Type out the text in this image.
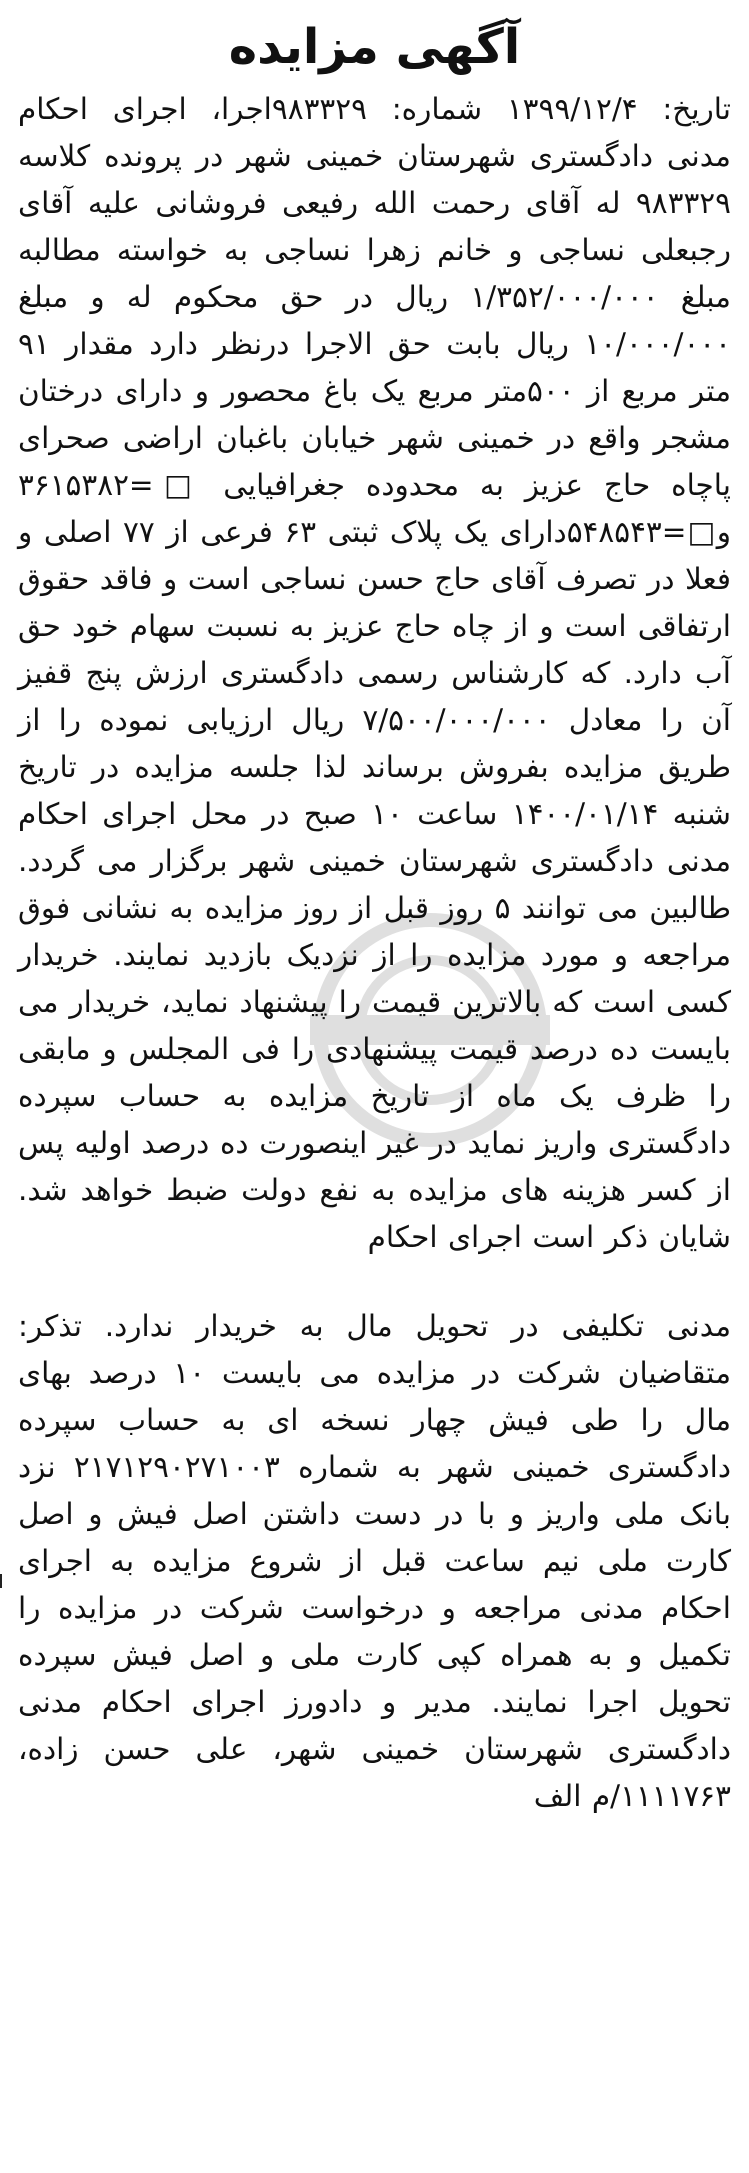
آگهی مزایده

تاریخ: ۱۳۹۹/۱۲/۴ شماره: ۹۸۳۳۲۹اجرا، اجرای احکام مدنی دادگستری شهرستان خمینی شهر در پرونده کلاسه ۹۸۳۳۲۹ له آقای رحمت الله رفیعی فروشانی علیه آقای رجبعلی نساجی و خانم زهرا نساجی به خواسته مطالبه مبلغ ۱/۳۵۲/۰۰۰/۰۰۰ ریال در حق محکوم له و مبلغ ۱۰/۰۰۰/۰۰۰ ریال بابت حق الاجرا درنظر دارد مقدار ۹۱ متر مربع از ۵۰۰متر مربع یک باغ محصور و دارای درختان مشجر واقع در خمینی شهر خیابان باغبان اراضی صحرای پاچاه حاج عزیز به محدوده جغرافیایی □=۳۶۱۵۳۸۲ و□=۵۴۸۵۴۳دارای یک پلاک ثبتی ۶۳ فرعی از ۷۷ اصلی و فعلا در تصرف آقای حاج حسن نساجی است و فاقد حقوق ارتفاقی است و از چاه حاج عزیز به نسبت سهام خود حق آب دارد. که کارشناس رسمی دادگستری ارزش پنج قفیز آن را معادل ۷/۵۰۰/۰۰۰/۰۰۰ ریال ارزیابی نموده را از طریق مزایده بفروش برساند لذا جلسه مزایده در تاریخ شنبه ۱۴۰۰/۰۱/۱۴ ساعت ۱۰ صبح در محل اجرای احکام مدنی دادگستری شهرستان خمینی شهر برگزار می گردد. طالبین می توانند ۵ روز قبل از روز مزایده به نشانی فوق مراجعه و مورد مزایده را از نزدیک بازدید نمایند. خریدار کسی است که بالاترین قیمت را پیشنهاد نماید، خریدار می بایست ده درصد قیمت پیشنهادی را فی المجلس و مابقی را ظرف یک ماه از تاریخ مزایده به حساب سپرده دادگستری واریز نماید در غیر اینصورت ده درصد اولیه پس از کسر هزینه های مزایده به نفع دولت ضبط خواهد شد. شایان ذکر است اجرای احکام

مدنی تکلیفی در تحویل مال به خریدار ندارد. تذکر: متقاضیان شرکت در مزایده می بایست ۱۰ درصد بهای مال را طی فیش چهار نسخه ای به حساب سپرده دادگستری خمینی شهر به شماره ۲۱۷۱۲۹۰۲۷۱۰۰۳ نزد بانک ملی واریز و با در دست داشتن اصل فیش و اصل کارت ملی نیم ساعت قبل از شروع مزایده به اجرای احکام مدنی مراجعه و درخواست شرکت در مزایده را تکمیل و به همراه کپی کارت ملی و اصل فیش سپرده تحویل اجرا نمایند. مدیر و دادورز اجرای احکام مدنی دادگستری شهرستان خمینی شهر، علی حسن زاده، ۱۱۱۱۷۶۳/م الف
